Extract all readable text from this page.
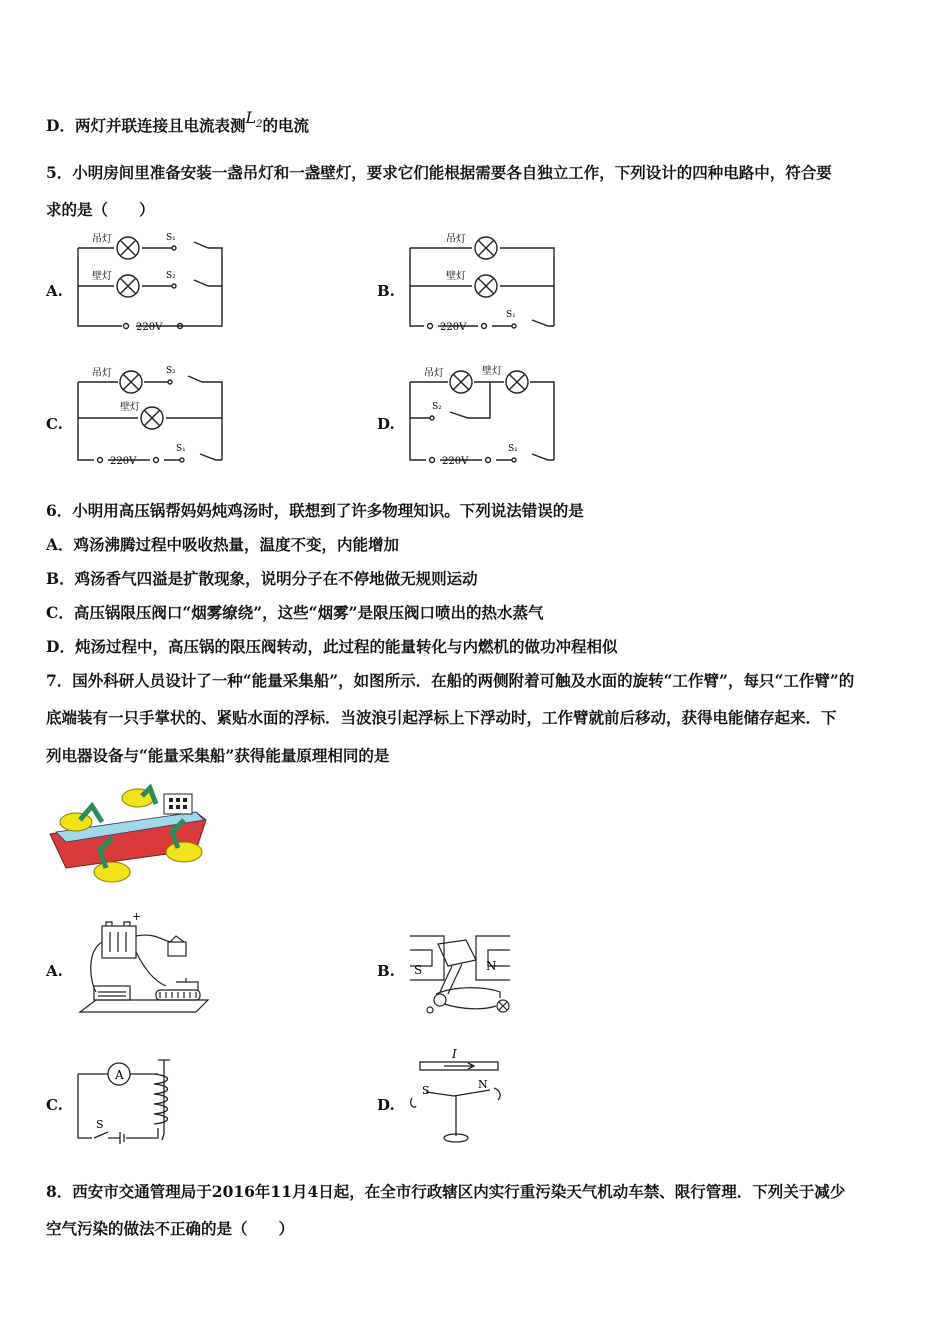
D．两灯并联连接且电流表测$L_2$的电流
5．小明房间里准备安装一盏吊灯和一盏壁灯，要求它们能根据需要各自独立工作，下列设计的四种电路中，符合要
求的是（　　）
A.	B.
C.	D.
吊灯
壁灯
S₁
S₂
220V
吊灯
壁灯
220V
S₁
吊灯
壁灯
S₂
220V
S₁
吊灯	壁灯
S₂
220V
S₁
6．小明用高压锅帮妈妈炖鸡汤时，联想到了许多物理知识。下列说法错误的是
A．鸡汤沸腾过程中吸收热量，温度不变，内能增加
B．鸡汤香气四溢是扩散现象，说明分子在不停地做无规则运动
C．高压锅限压阀口“烟雾缭绕”，这些“烟雾”是限压阀口喷出的热水蒸气
D．炖汤过程中，高压锅的限压阀转动，此过程的能量转化与内燃机的做功冲程相似
7．国外科研人员设计了一种“能量采集船”，如图所示．在船的两侧附着可触及水面的旋转“工作臂”，每只“工作臂”的
底端装有一只手掌状的、紧贴水面的浮标．当波浪引起浮标上下浮动时，工作臂就前后移动，获得电能储存起来．下
列电器设备与“能量采集船”获得能量原理相同的是
A.	B.
C.	D.
+
S	N
A
S
I
S	N
8．西安市交通管理局于2016年11月4日起，在全市行政辖区内实行重污染天气机动车禁、限行管理．下列关于减少
空气污染的做法不正确的是（　　）
